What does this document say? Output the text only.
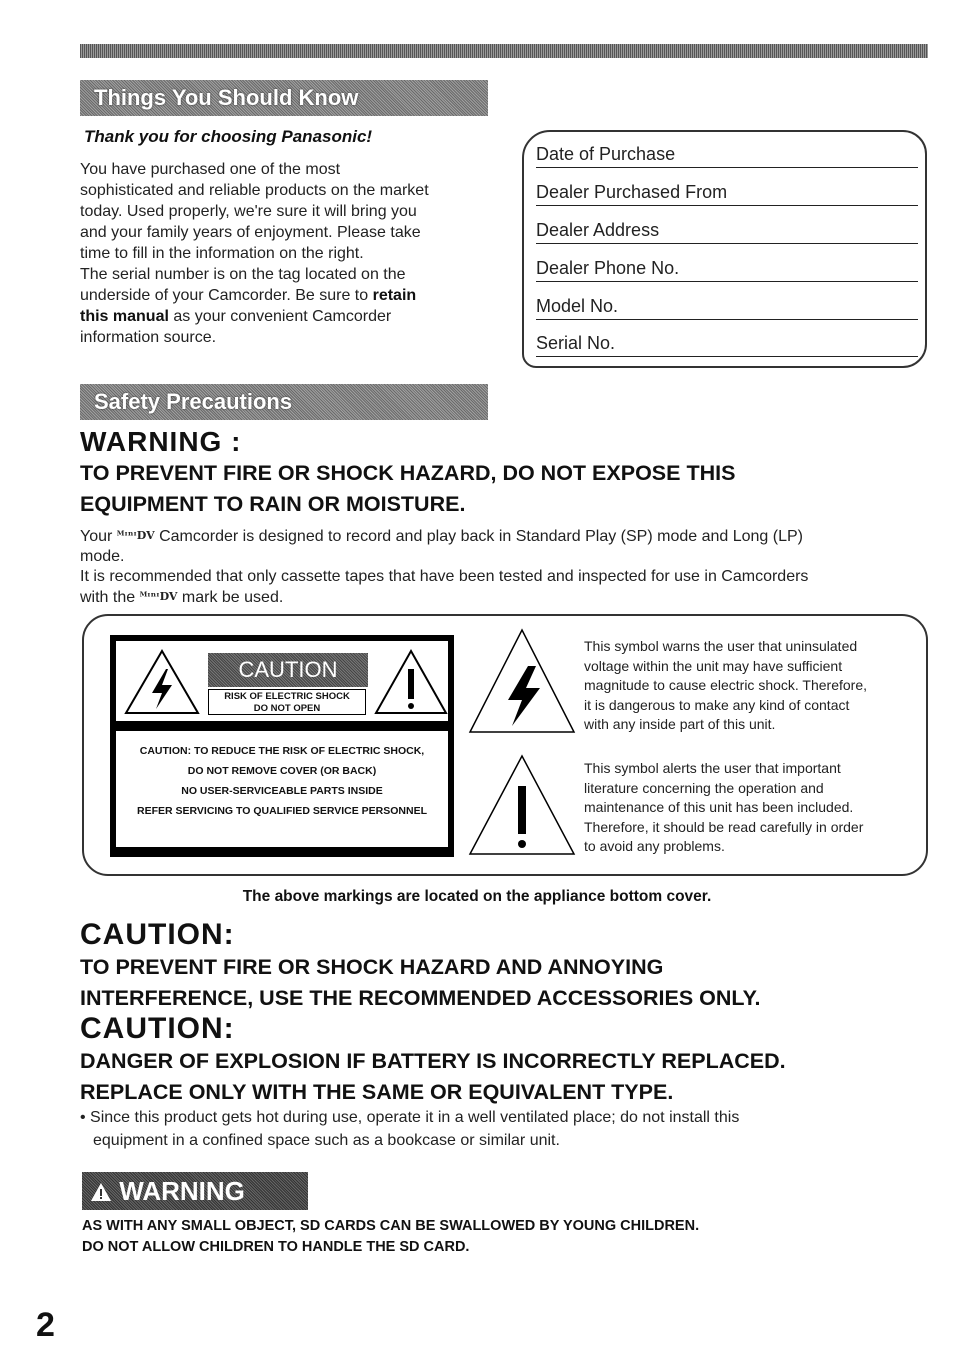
Things You Should Know
Thank you for choosing Panasonic!
You have purchased one of the most
sophisticated and reliable products on the market
today. Used properly, we're sure it will bring you
and your family years of enjoyment. Please take
time to fill in the information on the right.
The serial number is on the tag located on the
underside of your Camcorder. Be sure to retain
this manual as your convenient Camcorder
information source.
Date of Purchase
Dealer Purchased From
Dealer Address
Dealer Phone No.
Model No.
Serial No.
Safety Precautions
WARNING :
TO PREVENT FIRE OR SHOCK HAZARD, DO NOT EXPOSE THIS
EQUIPMENT TO RAIN OR MOISTURE.
Your ᴹᶦⁿᶦDV Camcorder is designed to record and play back in Standard Play (SP) mode and Long (LP)
mode.
It is recommended that only cassette tapes that have been tested and inspected for use in Camcorders
with the ᴹᶦⁿᶦDV mark be used.
CAUTION
RISK OF ELECTRIC SHOCK
DO NOT OPEN
CAUTION: TO REDUCE THE RISK OF ELECTRIC SHOCK,
DO NOT REMOVE COVER (OR BACK)
NO USER-SERVICEABLE PARTS INSIDE
REFER SERVICING TO QUALIFIED SERVICE PERSONNEL
This symbol warns the user that uninsulated
voltage within the unit may have sufficient
magnitude to cause electric shock. Therefore,
it is dangerous to make any kind of contact
with any inside part of this unit.
This symbol alerts the user that important
literature concerning the operation and
maintenance of this unit has been included.
Therefore, it should be read carefully in order
to avoid any problems.
The above markings are located on the appliance bottom cover.
CAUTION:
TO PREVENT FIRE OR SHOCK HAZARD AND ANNOYING
INTERFERENCE, USE THE RECOMMENDED ACCESSORIES ONLY.
CAUTION:
DANGER OF EXPLOSION IF BATTERY IS INCORRECTLY REPLACED.
REPLACE ONLY WITH THE SAME OR EQUIVALENT TYPE.
• Since this product gets hot during use, operate it in a well ventilated place; do not install this
equipment in a confined space such as a bookcase or similar unit.
WARNING
AS WITH ANY SMALL OBJECT, SD CARDS CAN BE SWALLOWED BY YOUNG CHILDREN.
DO NOT ALLOW CHILDREN TO HANDLE THE SD CARD.
2
